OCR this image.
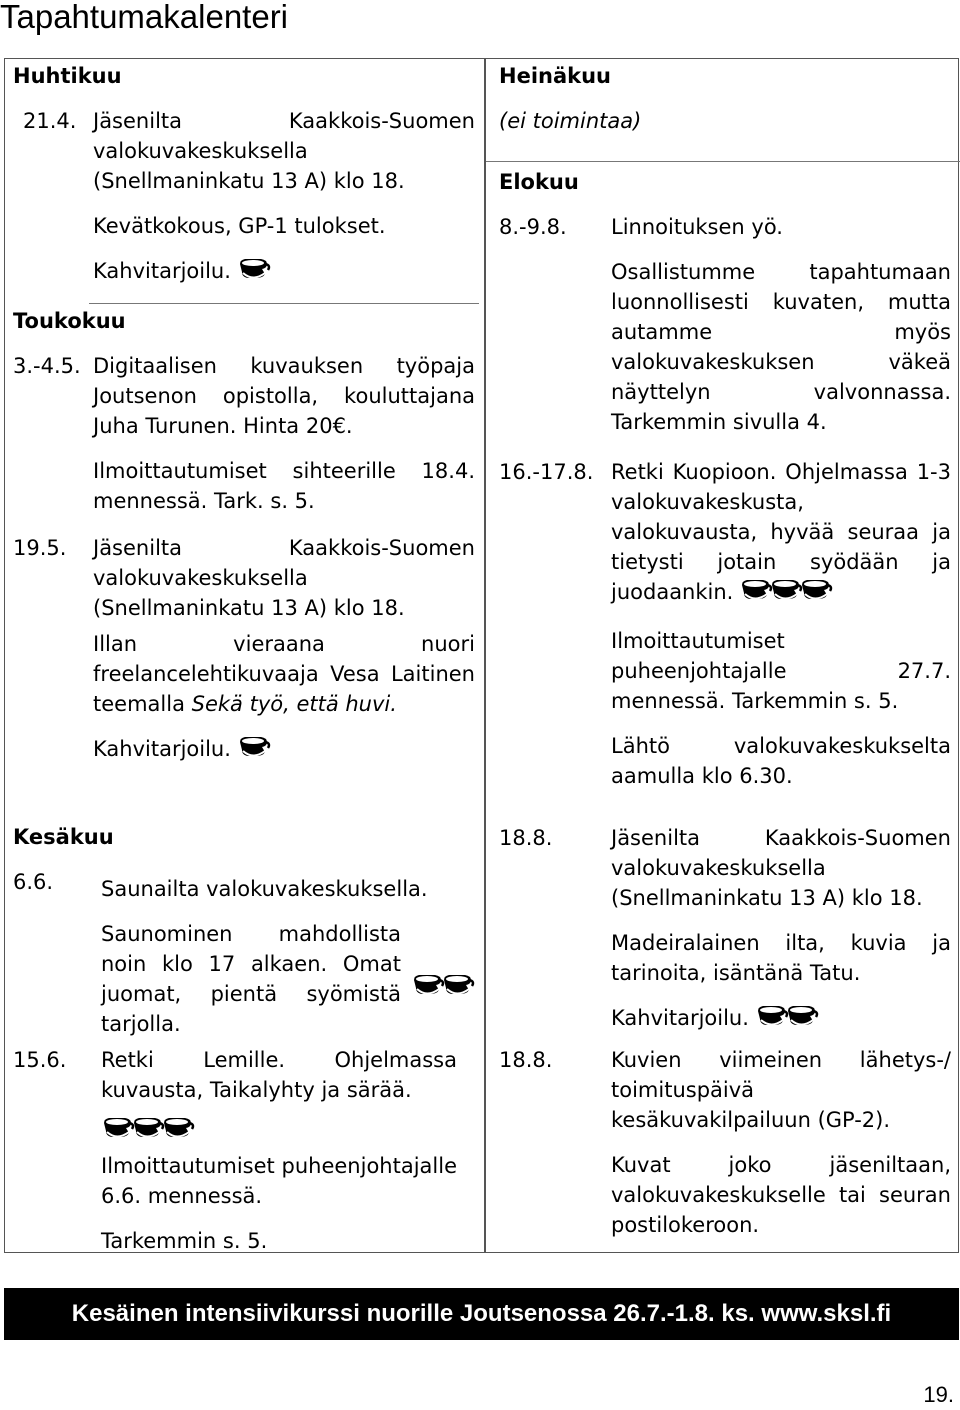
Tapahtumakalenteri
Huhtikuu
21.4. Jäsenilta Kaakkois-Suomen valokuvakeskuksella (Snellmaninkatu 13 A) klo 18.

Kevätkokous, GP-1 tulokset.

Kahvitarjoilu.

Toukokuu
3.-4.5. Digitaalisen kuvauksen työpaja Joutsenon opistolla, kouluttajana Juha Turunen. Hinta 20€.

Ilmoittautumiset sihteerille 18.4. mennessä. Tark. s. 5.

19.5. Jäsenilta Kaakkois-Suomen valokuvakeskuksella (Snellmaninkatu 13 A) klo 18.

Illan vieraana nuori freelancelehtikuvaaja Vesa Laitinen teemalla Sekä työ, että huvi.

Kahvitarjoilu.

Kesäkuu
6.6. Saunailta valokuvakeskuksella.

Saunominen mahdollista noin klo 17 alkaen. Omat juomat, pientä syömistä tarjolla.

15.6. Retki Lemille. Ohjelmassa kuvausta, Taikalyhty ja särää.

Ilmoittautumiset puheenjohtajalle 6.6. mennessä.

Tarkemmin s. 5.

Heinäkuu
(ei toimintaa)
Elokuu
8.-9.8. Linnoituksen yö.

Osallistumme tapahtumaan luonnollisesti kuvaten, mutta autamme myös valokuvakeskuksen väkeä näyttelyn valvonnassa. Tarkemmin sivulla 4.

16.-17.8. Retki Kuopioon. Ohjelmassa 1-3 valokuvakeskusta, valokuvausta, hyvää seuraa ja tietysti jotain syödään ja juodaankin.

Ilmoittautumiset puheenjohtajalle 27.7. mennessä. Tarkemmin s. 5.

Lähtö valokuvakeskukselta aamulla klo 6.30.

18.8.	Jäsenilta Kaakkois-Suomen valokuvakeskuksella (Snellmaninkatu 13 A) klo 18.

Madeiralainen ilta, kuvia ja tarinoita, isäntänä Tatu.

Kahvitarjoilu.

18.8.	Kuvien viimeinen lähetys-/ toimituspäivä kesäkuvakilpailuun (GP-2).

Kuvat joko jäseniltaan, valokuvakeskukselle tai seuran postilokeroon.

Kesäinen intensiivikurssi nuorille Joutsenossa 26.7.-1.8. ks. www.sksl.fi
19.
